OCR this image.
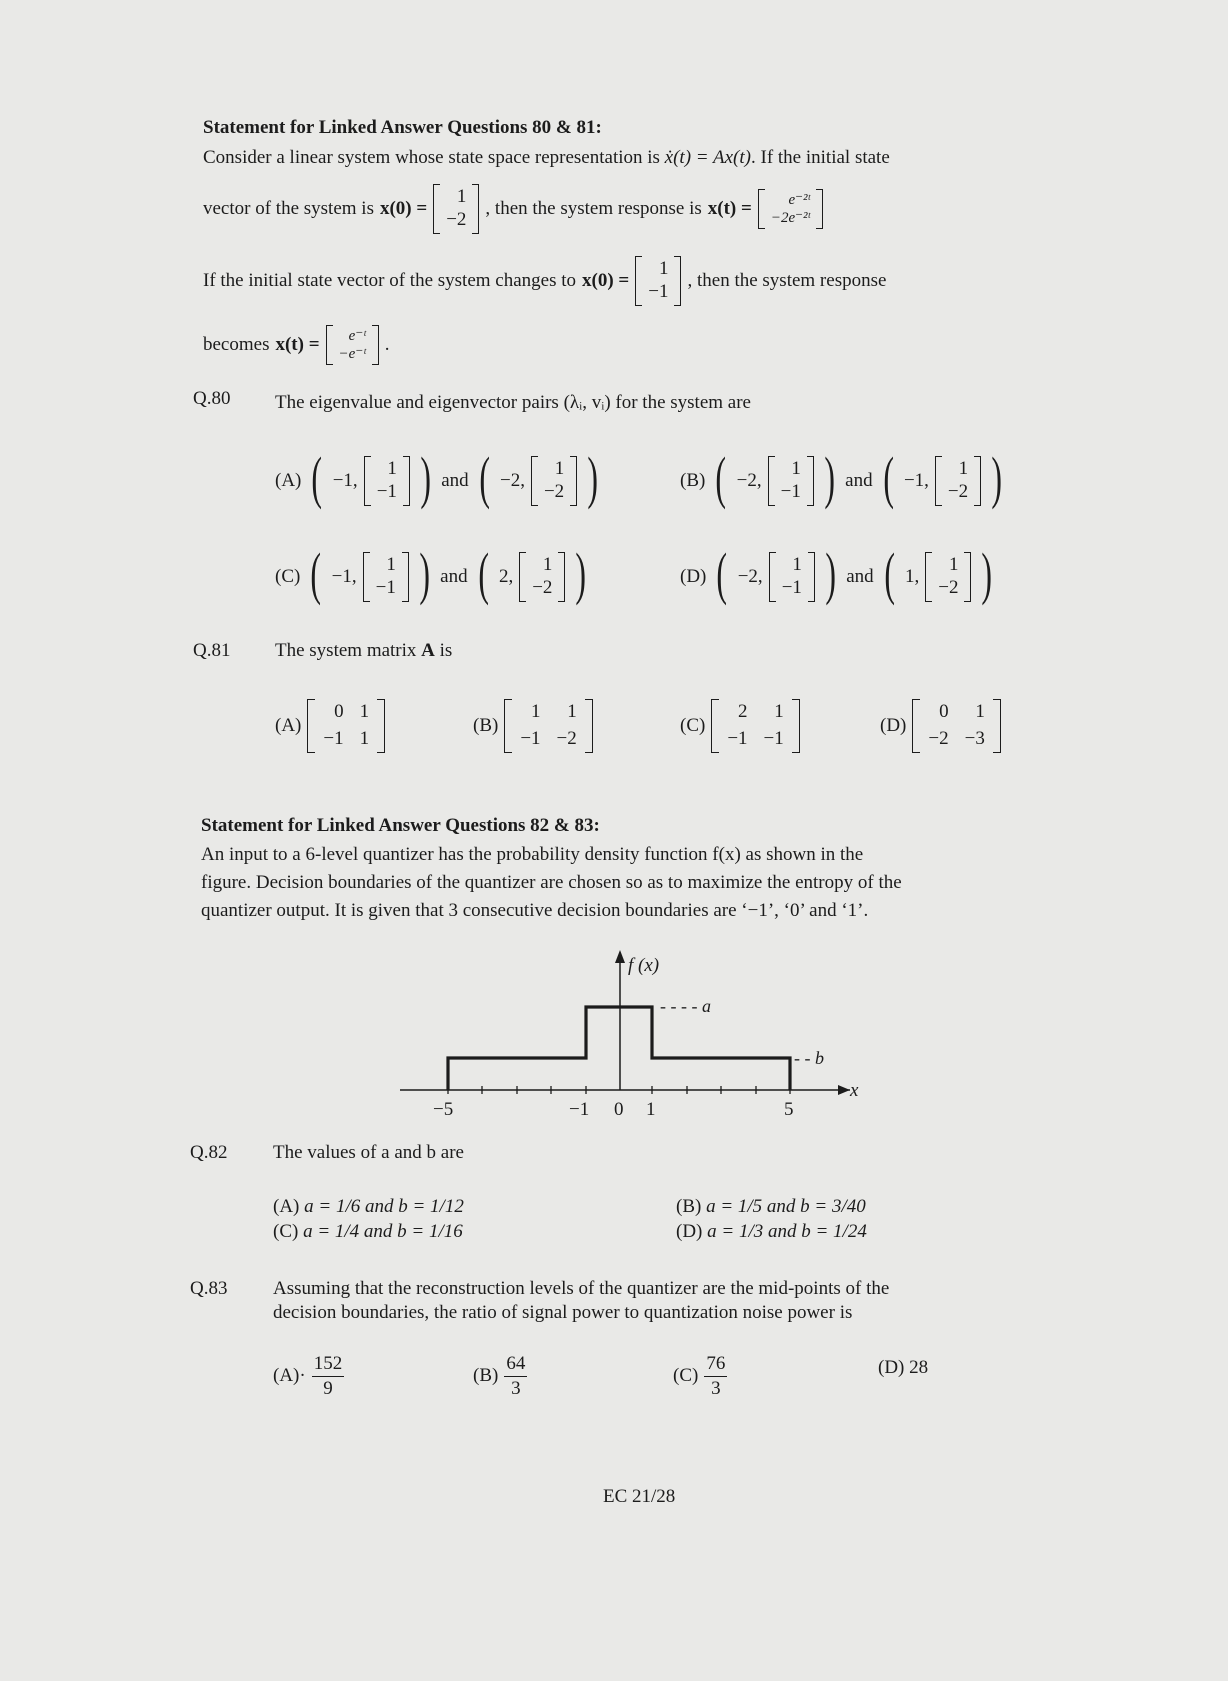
Statement for Linked Answer Questions 80 & 81:
Consider a linear system whose state space representation is ẋ(t) = Ax(t). If the initial state
vector of the system is x(0) =
1
−2
, then the system response is x(t) = e⁻²ᵗ
−2e⁻²ᵗ
If the initial state vector of the system changes to x(0) =
1
−1
, then the system response
becomes x(t) = e⁻ᵗ
−e⁻ᵗ .
Q.80 The eigenvalue and eigenvector pairs (λᵢ, vᵢ) for the system are
(A) ( −1,
1
−1 ) and ( −2,
1
−2 )	(B) ( −2,
1
−1 ) and ( −1,
1
−2 )
(C) ( −1,
1
−1 ) and ( 2,
1
−2 )	(D) ( −2,
1
−1 ) and ( 1,
1
−2 )
Q.81 The system matrix A is
(A)
0	1
−1	1
(B)
1	1
−1	−2
(C)
2	1
−1	−1
(D)
0	1
−2	−3
Statement for Linked Answer Questions 82 & 83:
An input to a 6-level quantizer has the probability density function f(x) as shown in the
figure. Decision boundaries of the quantizer are chosen so as to maximize the entropy of the
quantizer output. It is given that 3 consecutive decision boundaries are ‘−1’, ‘0’ and ‘1’.
f (x)
- - - - a
- - b
x
−5	−1 0 1	5
Q.82 The values of a and b are
(A) a = 1/6 and b = 1/12	(B) a = 1/5 and b = 3/40
(C) a = 1/4 and b = 1/16	(D) a = 1/3 and b = 1/24
Q.83 Assuming that the reconstruction levels of the quantizer are the mid-points of the
decision boundaries, the ratio of signal power to quantization noise power is
$(A)\cdot \frac{152}{9}$	$(B) \frac{64}{3}$	$(C) \frac{76}{3}$	(D) 28
EC 21/28
